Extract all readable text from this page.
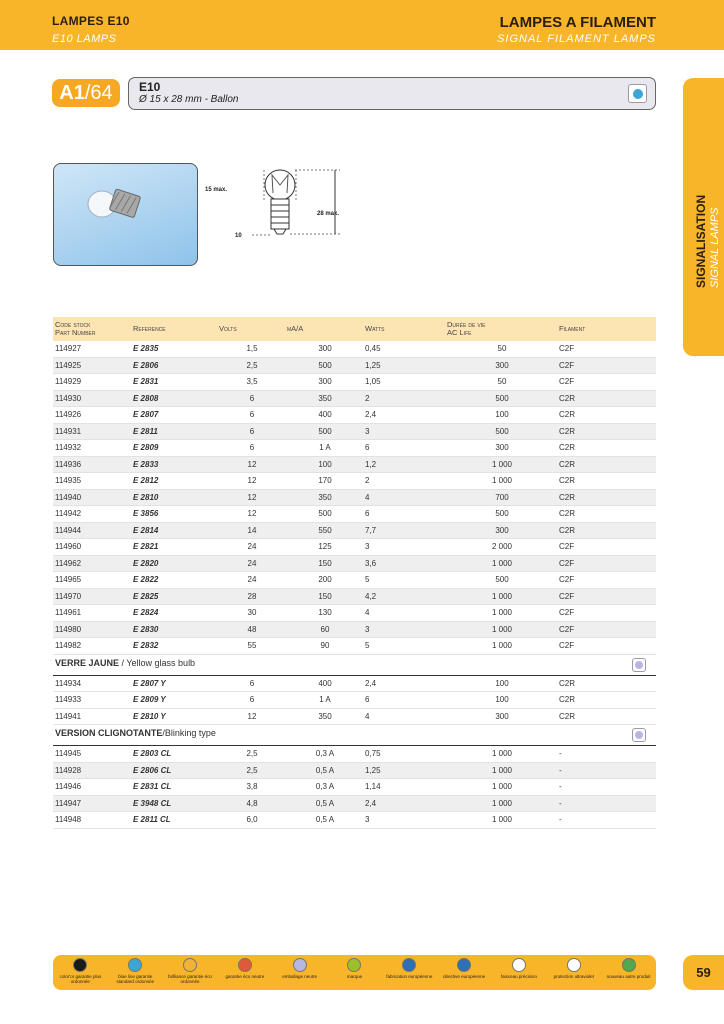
LAMPES E10
E10 LAMPS
LAMPES A FILAMENT
SIGNAL FILAMENT LAMPS
A1 /64 E10
Ø 15 x 28 mm - Ballon
SIGNALISATION SIGNAL LAMPS
15 max.
28 max.
10
Code stock
Part Number	Reference	Volts	mA/A	Watts	Durée de vie
AC Life	Filament
114927	E 2835	1,5	300	0,45	50	C2F
114925	E 2806	2,5	500	1,25	300	C2F
114929	E 2831	3,5	300	1,05	50	C2F
114930	E 2808	6	350	2	500	C2R
114926	E 2807	6	400	2,4	100	C2R
114931	E 2811	6	500	3	500	C2R
114932	E 2809	6	1 A	6	300	C2R
114936	E 2833	12	100	1,2	1 000	C2R
114935	E 2812	12	170	2	1 000	C2R
114940	E 2810	12	350	4	700	C2R
114942	E 3856	12	500	6	500	C2R
114944	E 2814	14	550	7,7	300	C2R
114960	E 2821	24	125	3	2 000	C2F
114962	E 2820	24	150	3,6	1 000	C2F
114965	E 2822	24	200	5	500	C2F
114970	E 2825	28	150	4,2	1 000	C2F
114961	E 2824	30	130	4	1 000	C2F
114980	E 2830	48	60	3	1 000	C2F
114982	E 2832	55	90	5	1 000	C2F
VERRE JAUNE / Yellow glass bulb						

114934	E 2807 Y	6	400	2,4	100	C2R
114933	E 2809 Y	6	1 A	6	100	C2R
114941	E 2810 Y	12	350	4	300	C2R
VERSION CLIGNOTANTE/Blinking type						

114945	E 2803 CL	2,5	0,3 A	0,75	1 000	-
114928	E 2806 CL	2,5	0,5 A	1,25	1 000	-
114946	E 2831 CL	3,8	0,3 A	1,14	1 000	-
114947	E 3948 CL	4,8	0,5 A	2,4	1 000	-
114948	E 2811 CL	6,0	0,5 A	3	1 000	-
color'or garantie plus ordonnée
blue line garantie standard ordonnée
brilliance garantie éco ordonnée
garantie éco neutre	emballage neutre	marque	fabrication européenne	directive européenne	faisceau précision	protection ultraviolet	nouveau autre produit	59
